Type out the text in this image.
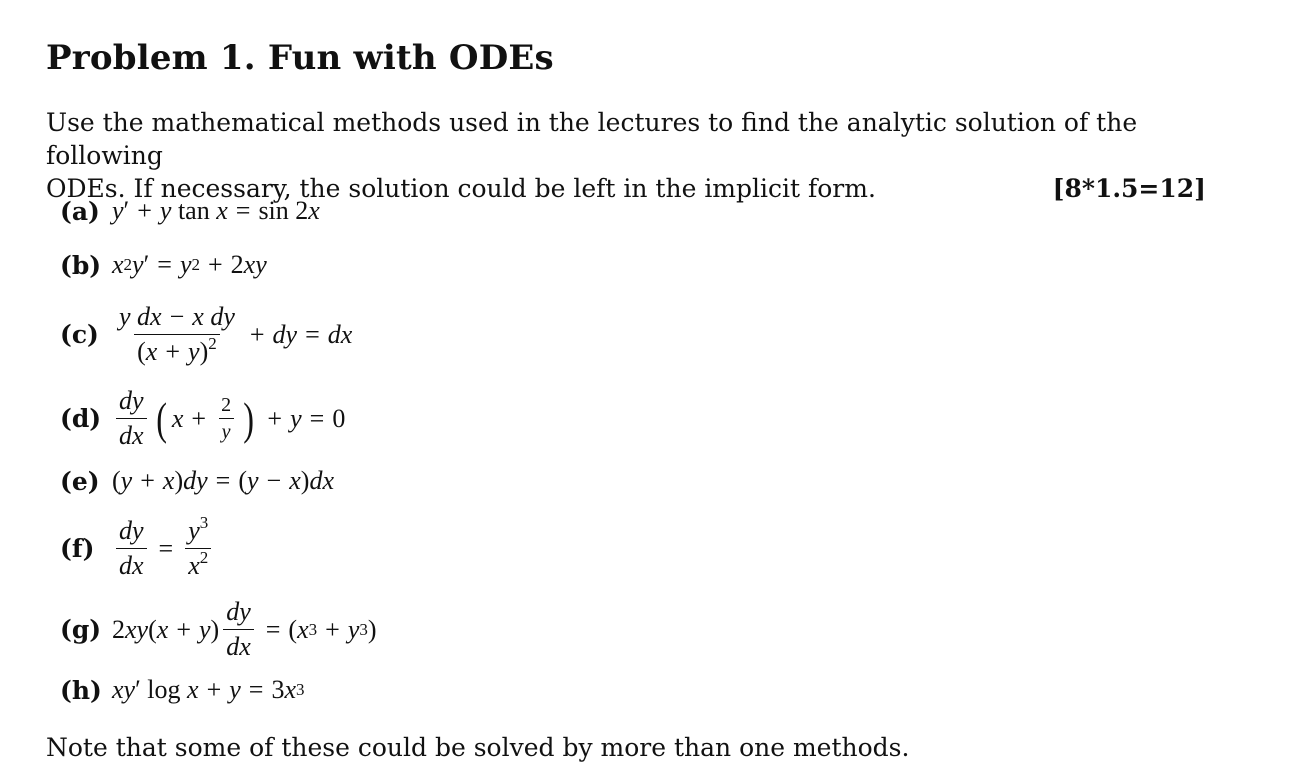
Problem 1. Fun with ODEs
Use the mathematical methods used in the lectures to find the analytic solution of the following
ODEs. If necessary, the solution could be left in the implicit form.	[8*1.5=12]
(a) y ′ + y tan x = sin 2 x
(b) x 2 y ′ = y 2 + 2 xy
$(c) \frac{\text{y dx − x dy}}{(x + y)^2}$ + dy = dx
$(d) \frac{dy}{dx}$ ( $x + \frac{2}{y}$ ) + y = 0
(e) ( y + x ) dy = ( y − x ) dx
$(f) \frac{dy}{dx} = \frac{y^3}{x^2}$
(g) 2 xy ( x + y ) $\frac{dy}{dx}$ = ( x 3 + y 3 )
(h) xy ′ log x + y = 3 x 3
Note that some of these could be solved by more than one methods.
